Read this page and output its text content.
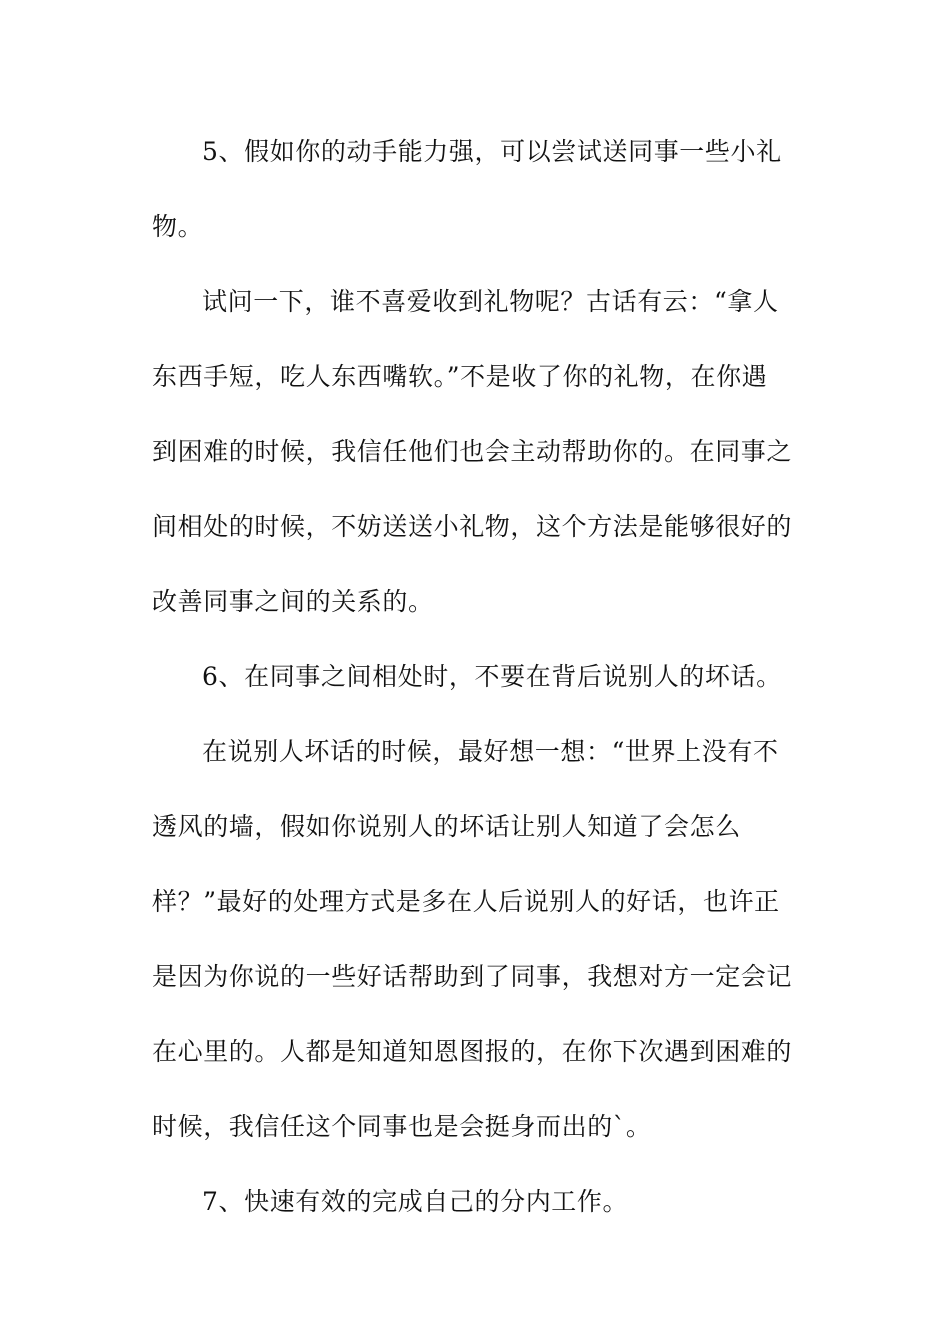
5、假如你的动手能力强，可以尝试送同事一些小礼
物。
试问一下，谁不喜爱收到礼物呢？古话有云：“拿人
东西手短，吃人东西嘴软。”不是收了你的礼物，在你遇
到困难的时候，我信任他们也会主动帮助你的。在同事之
间相处的时候，不妨送送小礼物，这个方法是能够很好的
改善同事之间的关系的。
6、在同事之间相处时，不要在背后说别人的坏话。
在说别人坏话的时候，最好想一想：“世界上没有不
透风的墙，假如你说别人的坏话让别人知道了会怎么
样？”最好的处理方式是多在人后说别人的好话，也许正
是因为你说的一些好话帮助到了同事，我想对方一定会记
在心里的。人都是知道知恩图报的，在你下次遇到困难的
时候，我信任这个同事也是会挺身而出的`。
7、快速有效的完成自己的分内工作。
